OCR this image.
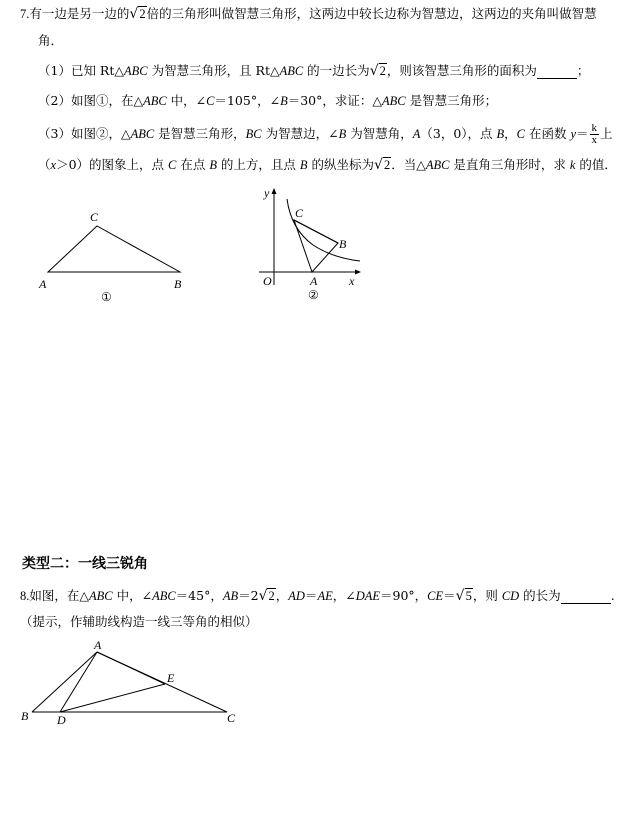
7.有一边是另一边的√2倍的三角形叫做智慧三角形，这两边中较长边称为智慧边，这两边的夹角叫做智慧
角．
（1）已知 Rt△ABC 为智慧三角形，且 Rt△ABC 的一边长为√2，则该智慧三角形的面积为	；
（2）如图①，在△ABC 中，∠C＝105°，∠B＝30°，求证：△ABC 是智慧三角形；
（3）如图②，△ABC 是智慧三角形，BC 为智慧边，∠B 为智慧角，A（3，0），点 B，C 在函数 $y= \frac{k}{x}$ 上
（x＞0）的图象上，点 C 在点 B 的上方，且点 B 的纵坐标为√2．当△ABC 是直角三角形时，求 k 的值．
C
A	B
①
y
C
B
O	A	x
②
类型二：一线三锐角
8.如图，在△ABC 中，∠ABC＝45°，AB＝2√2，AD＝AE，∠DAE＝90°，CE＝√5，则 CD 的长为	.
（提示，作辅助线构造一线三等角的相似）
A
E
B D	C
